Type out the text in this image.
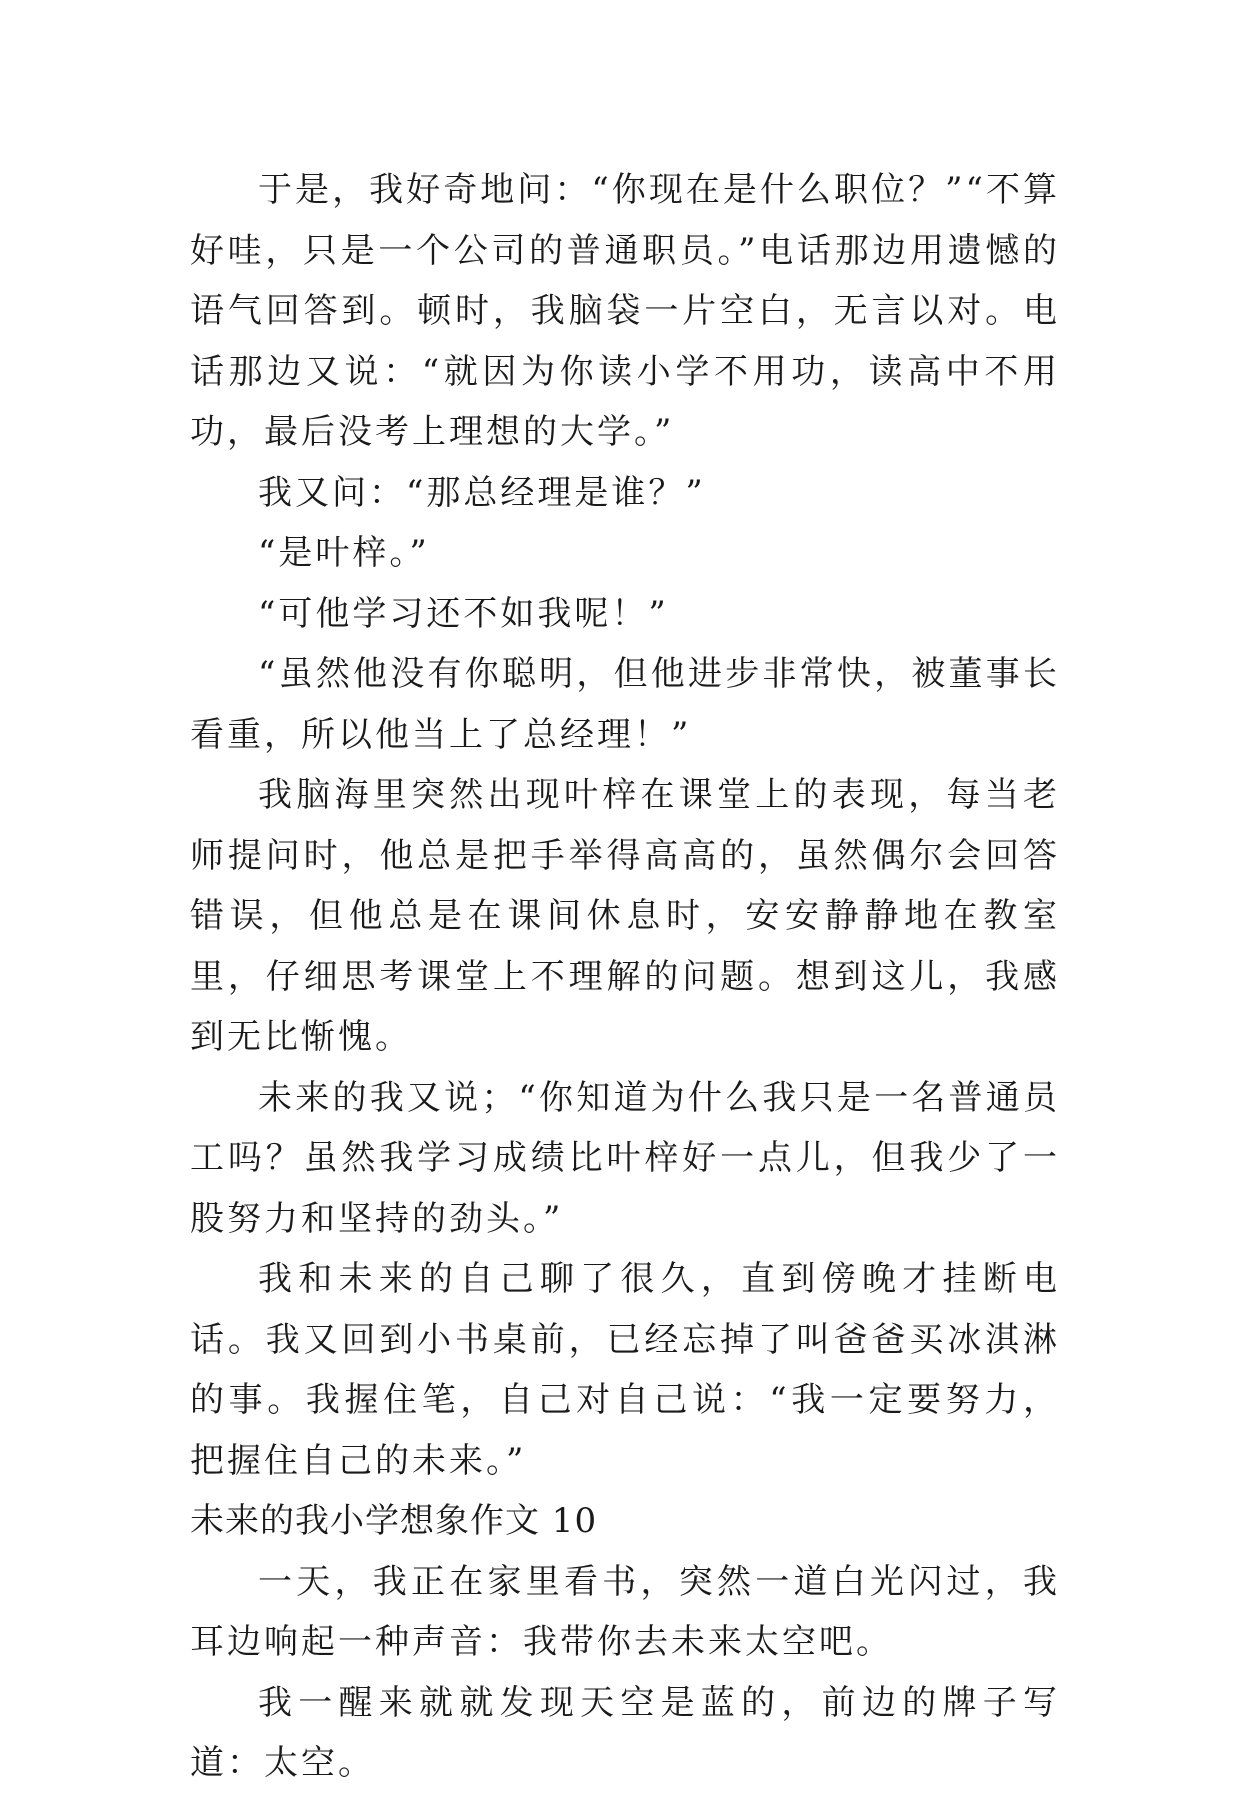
于是，我好奇地问：“你现在是什么职位？”“不算好哇，只是一个公司的普通职员。”电话那边用遗憾的语气回答到。顿时，我脑袋一片空白，无言以对。电话那边又说：“就因为你读小学不用功，读高中不用功，最后没考上理想的大学。”

我又问：“那总经理是谁？”

“是叶梓。”

“可他学习还不如我呢！”

“虽然他没有你聪明，但他进步非常快，被董事长看重，所以他当上了总经理！”

我脑海里突然出现叶梓在课堂上的表现，每当老师提问时，他总是把手举得高高的，虽然偶尔会回答错误，但他总是在课间休息时，安安静静地在教室里，仔细思考课堂上不理解的问题。想到这儿，我感到无比惭愧。

未来的我又说；“你知道为什么我只是一名普通员工吗？虽然我学习成绩比叶梓好一点儿，但我少了一股努力和坚持的劲头。”

我和未来的自己聊了很久，直到傍晚才挂断电话。我又回到小书桌前，已经忘掉了叫爸爸买冰淇淋的事。我握住笔，自己对自己说：“我一定要努力，把握住自己的未来。”

未来的我小学想象作文 10

一天，我正在家里看书，突然一道白光闪过，我耳边响起一种声音：我带你去未来太空吧。

我一醒来就就发现天空是蓝的，前边的牌子写道：太空。
